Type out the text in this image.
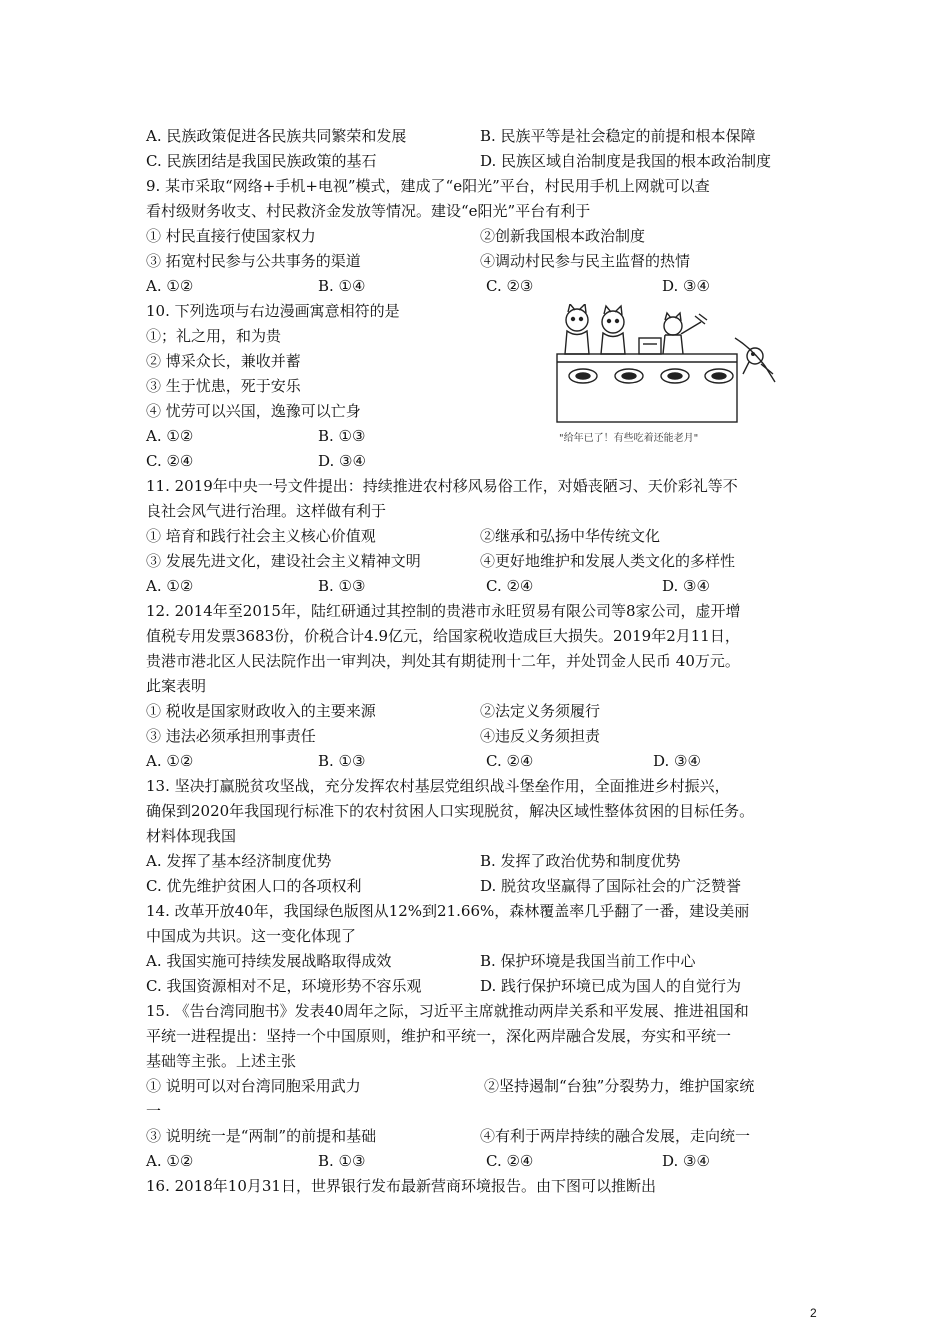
A. 民族政策促进各民族共同繁荣和发展	B. 民族平等是社会稳定的前提和根本保障
C. 民族团结是我国民族政策的基石	D. 民族区域自治制度是我国的根本政治制度
9. 某市采取“网络+手机+电视”模式，建成了“e阳光”平台，村民用手机上网就可以查
看村级财务收支、村民救济金发放等情况。建设“e阳光”平台有利于
① 村民直接行使国家权力	②创新我国根本政治制度
③ 拓宽村民参与公共事务的渠道	④调动村民参与民主监督的热情
A. ①②	B. ①④	C. ②③	D. ③④
10. 下列选项与右边漫画寓意相符的是
①；礼之用，和为贵
② 博采众长，兼收并蓄
③ 生于忧患，死于安乐
④ 忧劳可以兴国，逸豫可以亡身
A. ①②	B. ①③
C. ②④	D. ③④
"给年已了！有些吃着还能老月"
11. 2019年中央一号文件提出：持续推进农村移风易俗工作，对婚丧陋习、天价彩礼等不
良社会风气进行治理。这样做有利于
① 培育和践行社会主义核心价值观	②继承和弘扬中华传统文化
③ 发展先进文化，建设社会主义精神文明	④更好地维护和发展人类文化的多样性
A. ①②	B. ①③	C. ②④	D. ③④
12. 2014年至2015年，陆红研通过其控制的贵港市永旺贸易有限公司等8家公司，虚开增
值税专用发票3683份，价税合计4.9亿元，给国家税收造成巨大损失。2019年2月11日，
贵港市港北区人民法院作出一审判决，判处其有期徒刑十二年，并处罚金人民币 40万元。
此案表明
① 税收是国家财政收入的主要来源	②法定义务须履行
③ 违法必须承担刑事责任	④违反义务须担责
A. ①②	B. ①③	C. ②④	D. ③④
13. 坚决打赢脱贫攻坚战，充分发挥农村基层党组织战斗堡垒作用，全面推进乡村振兴，
确保到2020年我国现行标准下的农村贫困人口实现脱贫，解决区域性整体贫困的目标任务。
材料体现我国
A. 发挥了基本经济制度优势	B. 发挥了政治优势和制度优势
C. 优先维护贫困人口的各项权利	D. 脱贫攻坚赢得了国际社会的广泛赞誉
14. 改革开放40年，我国绿色版图从12%到21.66%，森林覆盖率几乎翻了一番，建设美丽
中国成为共识。这一变化体现了
A. 我国实施可持续发展战略取得成效	B. 保护环境是我国当前工作中心
C. 我国资源相对不足，环境形势不容乐观	D. 践行保护环境已成为国人的自觉行为
15. 《告台湾同胞书》发表40周年之际，习近平主席就推动两岸关系和平发展、推进祖国和
平统一进程提出：坚持一个中国原则，维护和平统一，深化两岸融合发展，夯实和平统一
基础等主张。上述主张
① 说明可以对台湾同胞采用武力	②坚持遏制“台独”分裂势力，维护国家统
一
③ 说明统一是“两制”的前提和基础	④有利于两岸持续的融合发展，走向统一
A. ①②	B. ①③	C. ②④	D. ③④
16. 2018年10月31日，世界银行发布最新营商环境报告。由下图可以推断出
2
